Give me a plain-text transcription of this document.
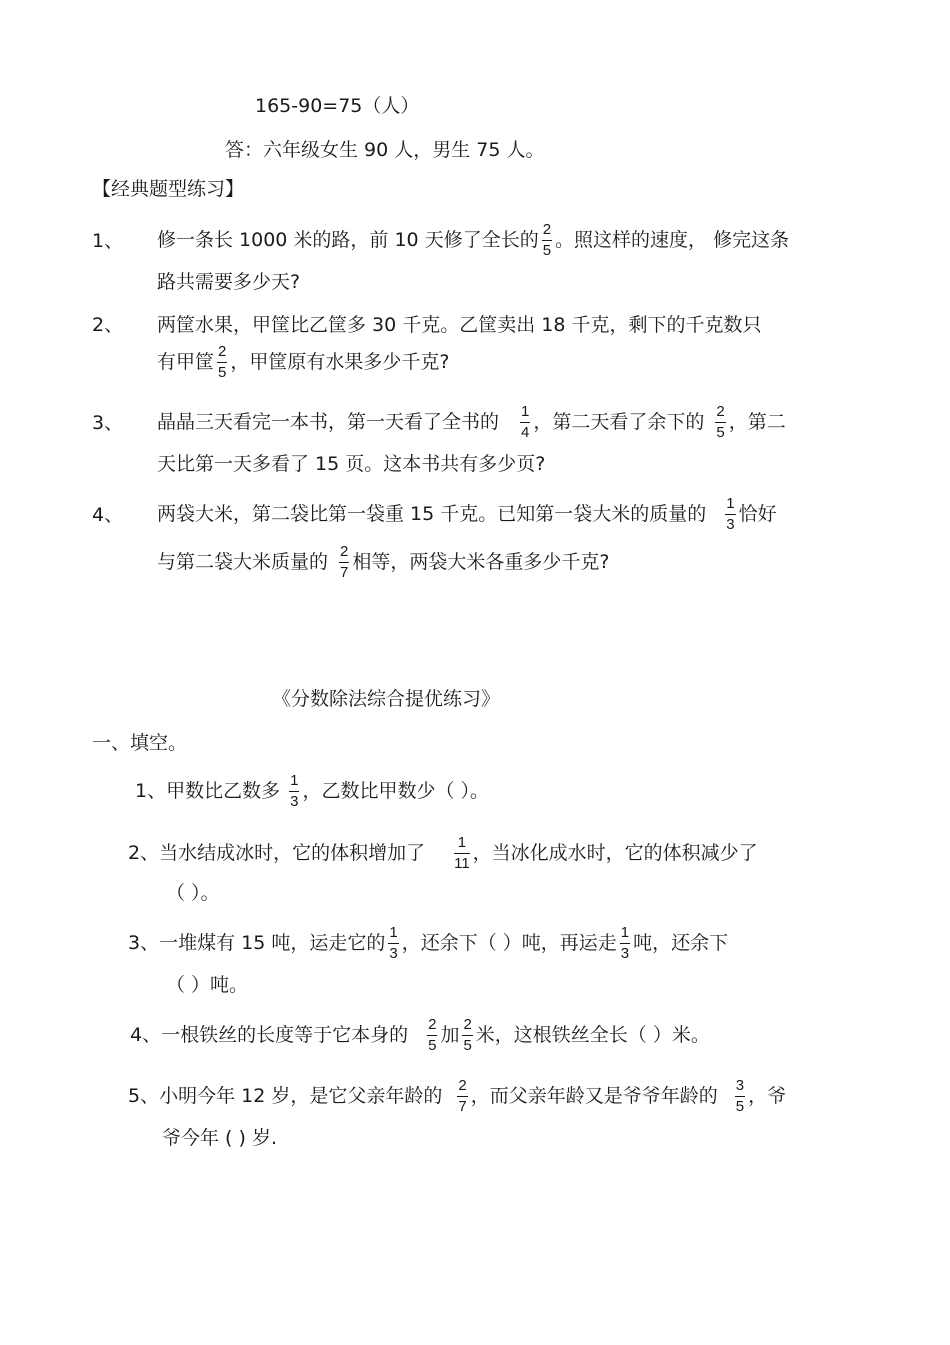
165-90=75（人）
答：六年级女生 90 人，男生 75 人。
【经典题型练习】
1、 修一条长 1000 米的路，前 10 天修了全长的 $\frac{2}{5}$ 。照这样的速度， 修完这条
路共需要多少天?
2、 两筐水果，甲筐比乙筐多 30 千克。乙筐卖出 18 千克，剩下的千克数只
有甲筐 $\frac{2}{5}$ ，甲筐原有水果多少千克?
3、 晶晶三天看完一本书，第一天看了全书的 $\frac{1}{4}$ ，第二天看了余下的 $\frac{2}{5}$ ，第二
天比第一天多看了 15 页。这本书共有多少页?
4、 两袋大米，第二袋比第一袋重 15 千克。已知第一袋大米的质量的 $\frac{1}{3}$ 恰好
与第二袋大米质量的 $\frac{2}{7}$ 相等，两袋大米各重多少千克?
《分数除法综合提优练习》
一、填空。
1、甲数比乙数多 $\frac{1}{3}$ ，乙数比甲数少（ ）。
2、当水结成冰时，它的体积增加了 $\frac{1}{11}$ ，当冰化成水时，它的体积减少了
（ ）。
3、一堆煤有 15 吨，运走它的 $\frac{1}{3}$ ，还余下（ ）吨，再运走 $\frac{1}{3}$ 吨，还余下
（ ）吨。
4、一根铁丝的长度等于它本身的 $\frac{2}{5}$ 加 $\frac{2}{5}$ 米，这根铁丝全长（ ）米。
5、小明今年 12 岁，是它父亲年龄的 $\frac{2}{7}$ ，而父亲年龄又是爷爷年龄的 $\frac{3}{5}$ ，爷
爷今年 ( ) 岁.
